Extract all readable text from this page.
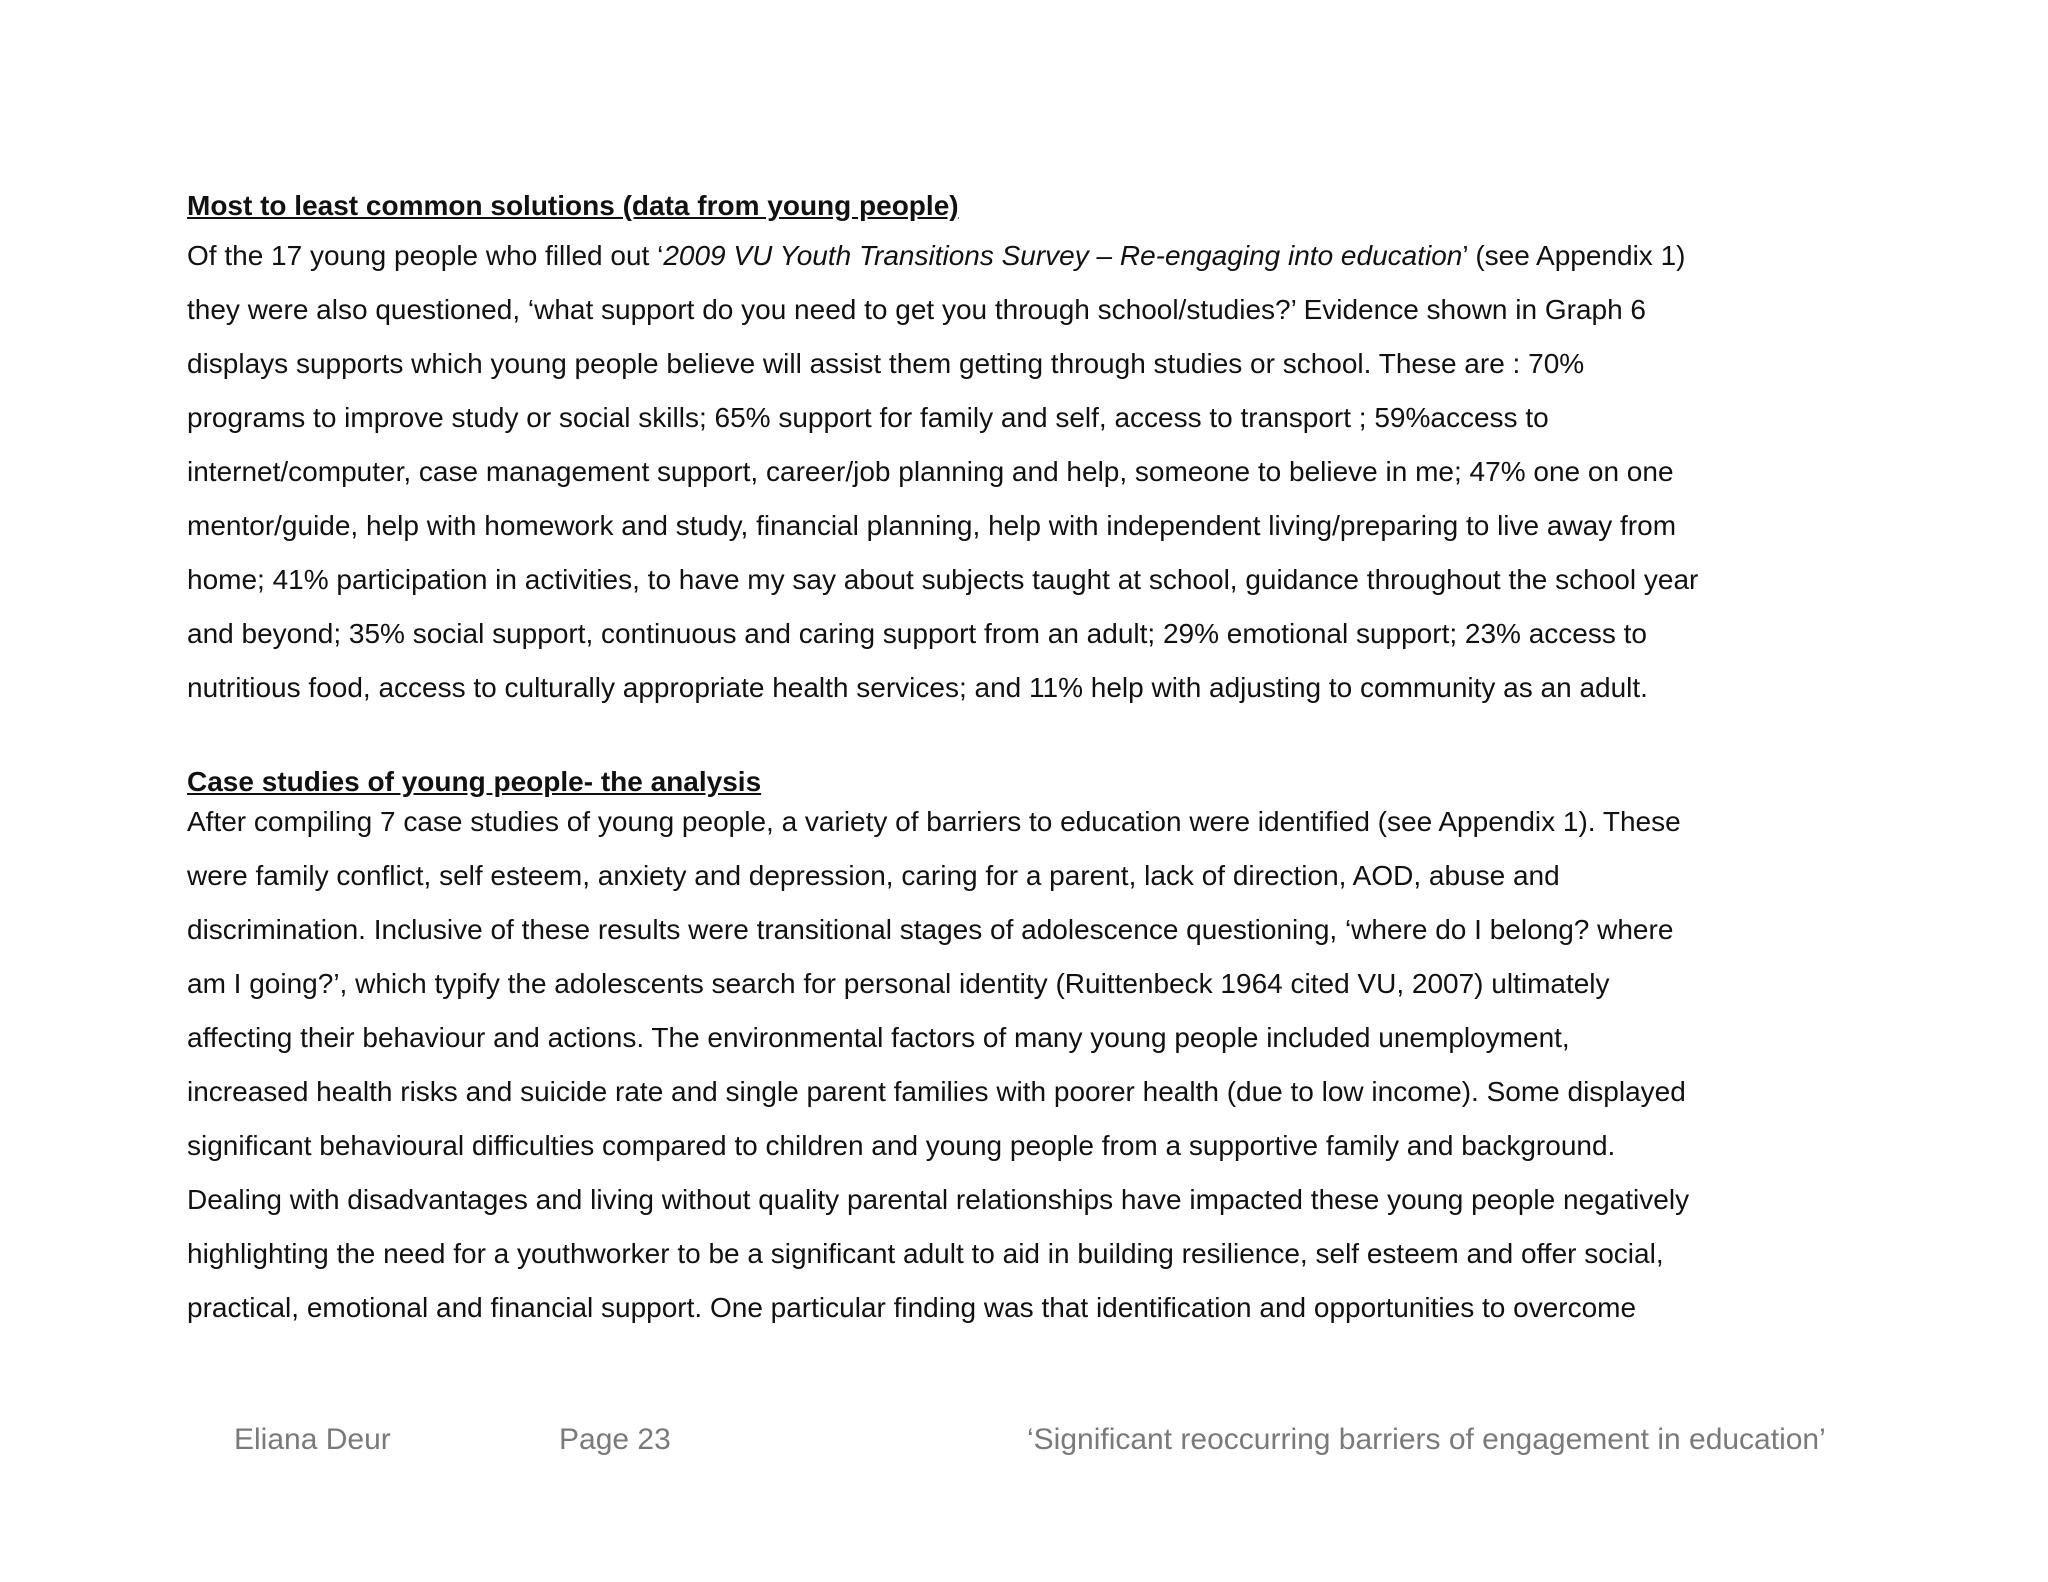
Most to least common solutions (data from young people)
Of the 17 young people who filled out ‘2009 VU Youth Transitions Survey – Re-engaging into education’ (see Appendix 1)
they were also questioned, ‘what support do you need to get you through school/studies?’ Evidence shown in Graph 6
displays supports which young people believe will assist them getting through studies or school. These are : 70%
programs to improve study or social skills; 65% support for family and self, access to transport ; 59%access to
internet/computer, case management support, career/job planning and help, someone to believe in me; 47% one on one
mentor/guide, help with homework and study, financial planning, help with independent living/preparing to live away from
home; 41% participation in activities, to have my say about subjects taught at school, guidance throughout the school year
and beyond; 35% social support, continuous and caring support from an adult; 29% emotional support; 23% access to
nutritious food, access to culturally appropriate health services; and 11% help with adjusting to community as an adult.
Case studies of young people- the analysis
After compiling 7 case studies of young people, a variety of barriers to education were identified (see Appendix 1). These
were family conflict, self esteem, anxiety and depression, caring for a parent, lack of direction, AOD, abuse and
discrimination. Inclusive of these results were transitional stages of adolescence questioning, ‘where do I belong? where
am I going?’, which typify the adolescents search for personal identity (Ruittenbeck 1964 cited VU, 2007) ultimately
affecting their behaviour and actions. The environmental factors of many young people included unemployment,
increased health risks and suicide rate and single parent families with poorer health (due to low income). Some displayed
significant behavioural difficulties compared to children and young people from a supportive family and background.
Dealing with disadvantages and living without quality parental relationships have impacted these young people negatively
highlighting the need for a youthworker to be a significant adult to aid in building resilience, self esteem and offer social,
practical, emotional and financial support. One particular finding was that identification and opportunities to overcome
Eliana Deur	Page 23	‘Significant reoccurring barriers of engagement in education’
